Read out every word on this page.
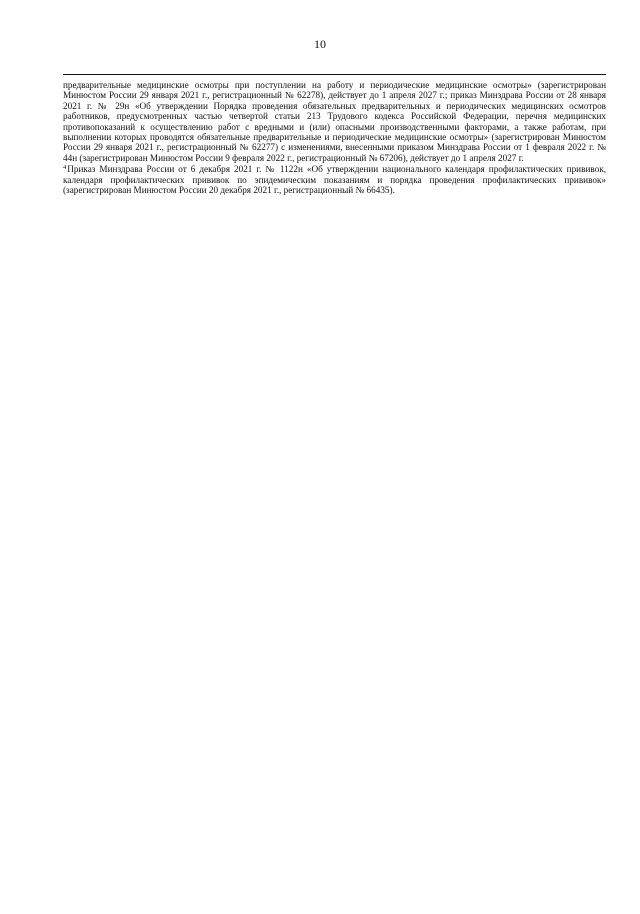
10

предварительные медицинские осмотры при поступлении на работу и периодические медицинские осмотры» (зарегистрирован Минюстом России 29 января 2021 г., регистрационный № 62278), действует до 1 апреля 2027 г.; приказ Минздрава России от 28 января 2021 г. № 29н «Об утверждении Порядка проведения обязательных предварительных и периодических медицинских осмотров работников, предусмотренных частью четвертой статьи 213 Трудового кодекса Российской Федерации, перечня медицинских противопоказаний к осуществлению работ с вредными и (или) опасными производственными факторами, а также работам, при выполнении которых проводятся обязательные предварительные и периодические медицинские осмотры» (зарегистрирован Минюстом России 29 января 2021 г., регистрационный № 62277) с изменениями, внесенными приказом Минздрава России от 1 февраля 2022 г. № 44н (зарегистрирован Минюстом России 9 февраля 2022 г., регистрационный № 67206), действует до 1 апреля 2027 г.

$^4$Приказ Минздрава России от 6 декабря 2021 г. № 1122н «Об утверждении национального календаря профилактических прививок, календаря профилактических прививок по эпидемическим показаниям и порядка проведения профилактических прививок» (зарегистрирован Минюстом России 20 декабря 2021 г., регистрационный № 66435).
